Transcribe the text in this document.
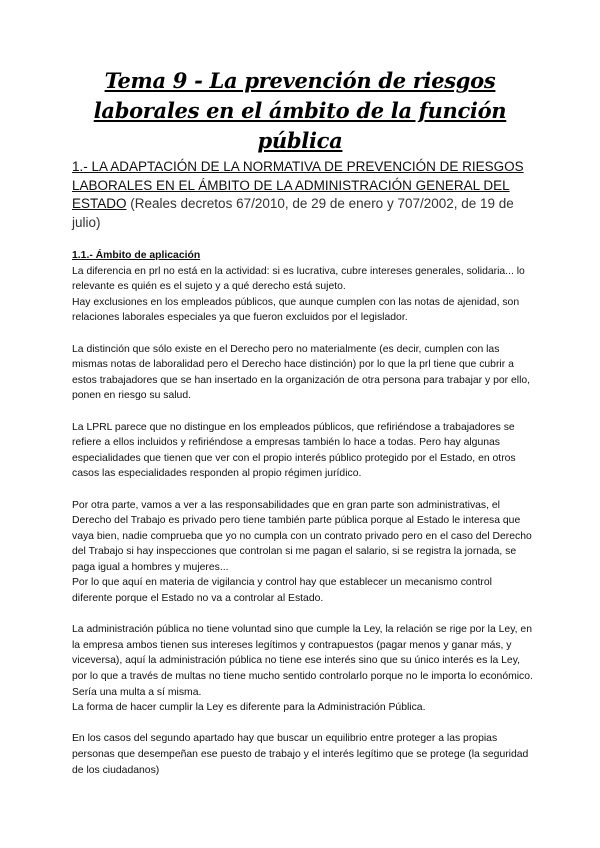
Tema 9 - La prevención de riesgos laborales en el ámbito de la función pública

1.- LA ADAPTACIÓN DE LA NORMATIVA DE PREVENCIÓN DE RIESGOS LABORALES EN EL ÁMBITO DE LA ADMINISTRACIÓN GENERAL DEL ESTADO (Reales decretos 67/2010, de 29 de enero y 707/2002, de 19 de julio)

1.1.- Ámbito de aplicación

La diferencia en prl no está en la actividad: si es lucrativa, cubre intereses generales, solidaria... lo relevante es quién es el sujeto y a qué derecho está sujeto.

Hay exclusiones en los empleados públicos, que aunque cumplen con las notas de ajenidad, son relaciones laborales especiales ya que fueron excluidos por el legislador.

La distinción que sólo existe en el Derecho pero no materialmente (es decir, cumplen con las mismas notas de laboralidad pero el Derecho hace distinción) por lo que la prl tiene que cubrir a estos trabajadores que se han insertado en la organización de otra persona para trabajar y por ello, ponen en riesgo su salud.

La LPRL parece que no distingue en los empleados públicos, que refiriéndose a trabajadores se refiere a ellos incluidos y refiriéndose a empresas también lo hace a todas. Pero hay algunas especialidades que tienen que ver con el propio interés público protegido por el Estado, en otros casos las especialidades responden al propio régimen jurídico.

Por otra parte, vamos a ver a las responsabilidades que en gran parte son administrativas, el Derecho del Trabajo es privado pero tiene también parte pública porque al Estado le interesa que vaya bien, nadie comprueba que yo no cumpla con un contrato privado pero en el caso del Derecho del Trabajo si hay inspecciones que controlan si me pagan el salario, si se registra la jornada, se paga igual a hombres y mujeres...

Por lo que aquí en materia de vigilancia y control hay que establecer un mecanismo control diferente porque el Estado no va a controlar al Estado.

La administración pública no tiene voluntad sino que cumple la Ley, la relación se rige por la Ley, en la empresa ambos tienen sus intereses legítimos y contrapuestos (pagar menos y ganar más, y viceversa), aquí la administración pública no tiene ese interés sino que su único interés es la Ley, por lo que a través de multas no tiene mucho sentido controlarlo porque no le importa lo económico. Sería una multa a sí misma.

La forma de hacer cumplir la Ley es diferente para la Administración Pública.

En los casos del segundo apartado hay que buscar un equilibrio entre proteger a las propias personas que desempeñan ese puesto de trabajo y el interés legítimo que se protege (la seguridad de los ciudadanos)
